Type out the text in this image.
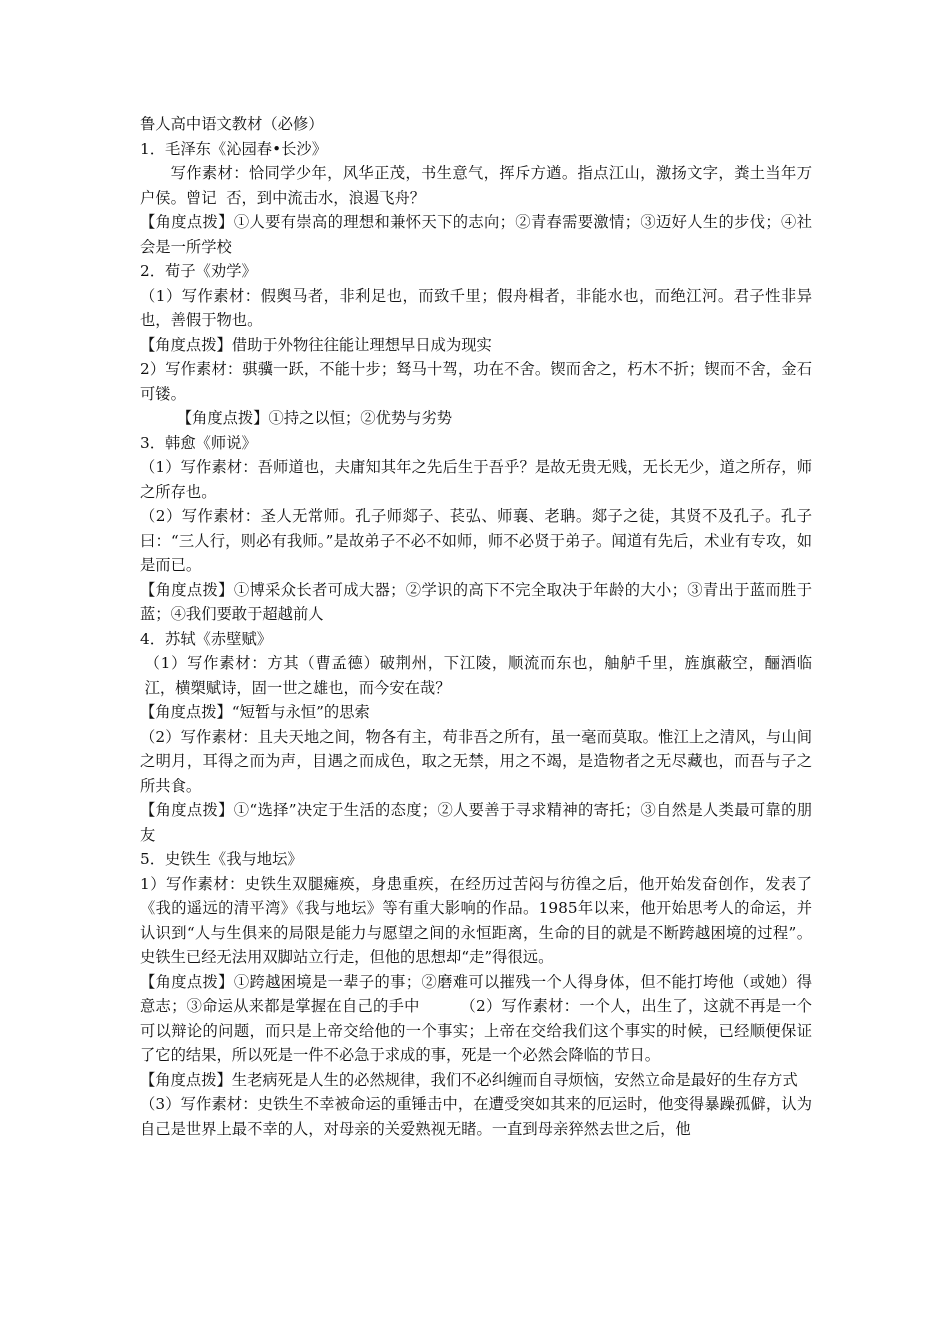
鲁人高中语文教材（必修）

1．毛泽东《沁园春•长沙》

写作素材：恰同学少年，风华正茂，书生意气，挥斥方遒。指点江山，激扬文字，粪土当年万户侯。曾记  否，到中流击水，浪遏飞舟？

【角度点拨】①人要有崇高的理想和兼怀天下的志向；②青春需要激情；③迈好人生的步伐；④社会是一所学校

2．荀子《劝学》

（1）写作素材：假舆马者，非利足也，而致千里；假舟楫者，非能水也，而绝江河。君子性非异也，善假于物也。

【角度点拨】借助于外物往往能让理想早日成为现实

2）写作素材：骐骥一跃，不能十步；驽马十驾，功在不舍。锲而舍之，朽木不折；锲而不舍，金石可镂。

【角度点拨】①持之以恒；②优势与劣势

3．韩愈《师说》

（1）写作素材：吾师道也，夫庸知其年之先后生于吾乎？是故无贵无贱，无长无少，道之所存，师之所存也。

（2）写作素材：圣人无常师。孔子师郯子、苌弘、师襄、老聃。郯子之徒，其贤不及孔子。孔子曰：“三人行，则必有我师。”是故弟子不必不如师，师不必贤于弟子。闻道有先后，术业有专攻，如是而已。

【角度点拨】①博采众长者可成大器；②学识的高下不完全取决于年龄的大小；③青出于蓝而胜于蓝；④我们要敢于超越前人

4．苏轼《赤壁赋》

（1）写作素材：方其（曹孟德）破荆州，下江陵，顺流而东也，舳舻千里，旌旗蔽空，酾酒临江，横槊赋诗，固一世之雄也，而今安在哉？

【角度点拨】“短暂与永恒”的思索

（2）写作素材：且夫天地之间，物各有主，苟非吾之所有，虽一毫而莫取。惟江上之清风，与山间之明月，耳得之而为声，目遇之而成色，取之无禁，用之不竭，是造物者之无尽藏也，而吾与子之所共食。

【角度点拨】①“选择”决定于生活的态度；②人要善于寻求精神的寄托；③自然是人类最可靠的朋友

5．史铁生《我与地坛》

1）写作素材：史铁生双腿瘫痪，身患重疾，在经历过苦闷与彷徨之后，他开始发奋创作，发表了《我的遥远的清平湾》《我与地坛》等有重大影响的作品。1985年以来，他开始思考人的命运，并认识到“人与生俱来的局限是能力与愿望之间的永恒距离，生命的目的就是不断跨越困境的过程”。 史铁生已经无法用双脚站立行走，但他的思想却“走”得很远。

【角度点拨】①跨越困境是一辈子的事；②磨难可以摧残一个人得身体，但不能打垮他（或她）得意志；③命运从来都是掌握在自己的手中        （2）写作素材：一个人，出生了，这就不再是一个可以辩论的问题，而只是上帝交给他的一个事实；上帝在交给我们这个事实的时候，已经顺便保证了它的结果，所以死是一件不必急于求成的事，死是一个必然会降临的节日。

【角度点拨】生老病死是人生的必然规律，我们不必纠缠而自寻烦恼，安然立命是最好的生存方式

（3）写作素材：史铁生不幸被命运的重锤击中，在遭受突如其来的厄运时，他变得暴躁孤僻，认为自己是世界上最不幸的人，对母亲的关爱熟视无睹。一直到母亲猝然去世之后，他
